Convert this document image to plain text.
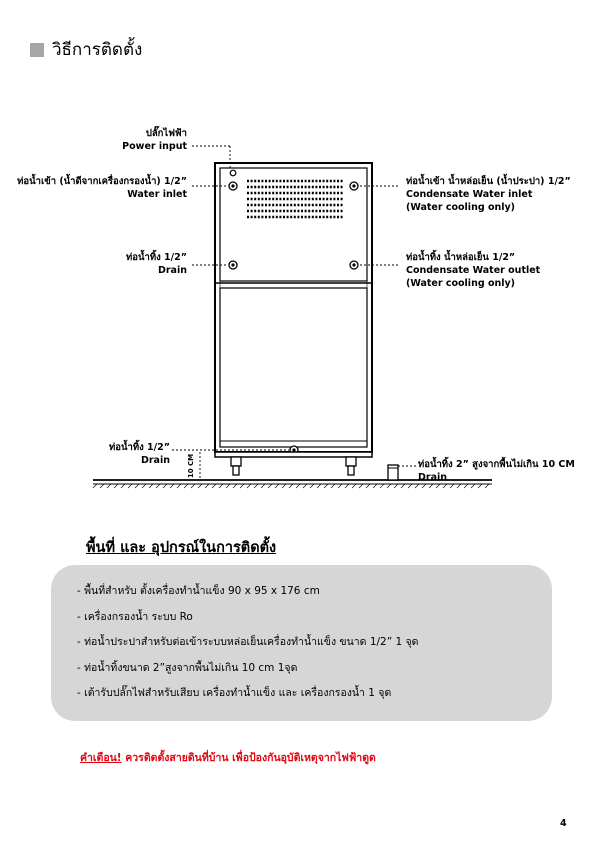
วิธีการติดตั้ง
10 CM
ปลั๊กไฟฟ้า
Power input
ท่อน้ำเข้า (น้ำดีจากเครื่องกรองน้ำ) 1/2”
Water inlet
ท่อน้ำทิ้ง 1/2”
Drain
ท่อน้ำเข้า น้ำหล่อเย็น (น้ำประปา) 1/2”
Condensate Water inlet
(Water cooling only)
ท่อน้ำทิ้ง น้ำหล่อเย็น 1/2”
Condensate Water outlet
(Water cooling only)
ท่อน้ำทิ้ง 1/2”
Drain	ท่อน้ำทิ้ง 2” สูงจากพื้นไม่เกิน 10 CM
Drain
พื้นที่ และ อุปกรณ์ในการติดตั้ง
- พื้นที่สำหรับ ตั้งเครื่องทำน้ำแข็ง 90 x 95 x 176 cm
- เครื่องกรองน้ำ ระบบ Ro
- ท่อน้ำประปาสำหรับต่อเข้าระบบหล่อเย็นเครื่องทำน้ำแข็ง ขนาด 1/2” 1 จุด
- ท่อน้ำทิ้งขนาด 2”สูงจากพื้นไม่เกิน 10 cm 1จุด
- เต้ารับปลั๊กไฟสำหรับเสียบ เครื่องทำน้ำแข็ง และ เครื่องกรองน้ำ 1 จุด
คำเตือน! ควรติดตั้งสายดินที่บ้าน เพื่อป้องกันอุบัติเหตุจากไฟฟ้าดูด
4
